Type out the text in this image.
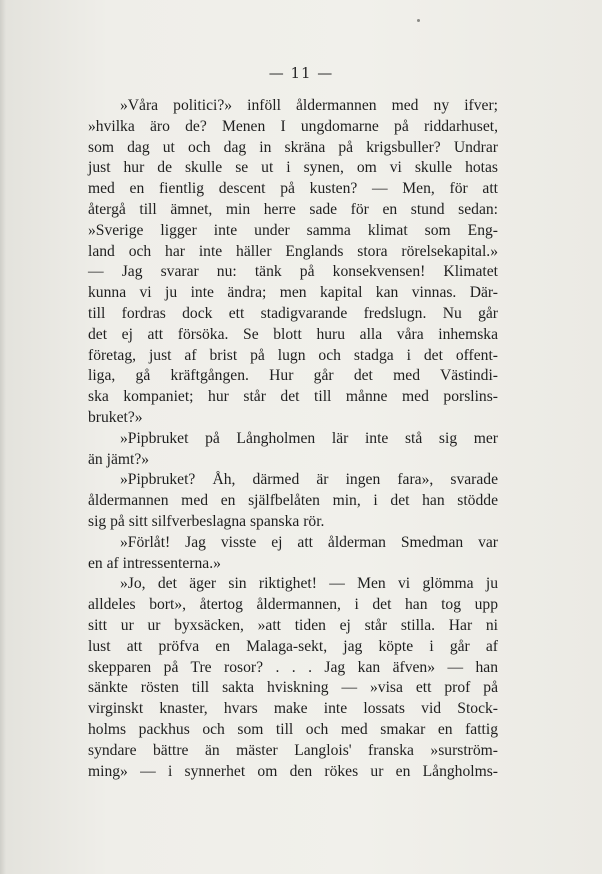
— 11 —
»Våra politici?» inföll åldermannen med ny ifver;
»hvilka äro de? Menen I ungdomarne på riddarhuset,
som dag ut och dag in skräna på krigsbuller? Undrar
just hur de skulle se ut i synen, om vi skulle hotas
med en fientlig descent på kusten? — Men, för att
återgå till ämnet, min herre sade för en stund sedan:
»Sverige ligger inte under samma klimat som Eng-
land och har inte häller Englands stora rörelsekapital.»
— Jag svarar nu: tänk på konsekvensen! Klimatet
kunna vi ju inte ändra; men kapital kan vinnas. Där-
till fordras dock ett stadigvarande fredslugn. Nu går
det ej att försöka. Se blott huru alla våra inhemska
företag, just af brist på lugn och stadga i det offent-
liga, gå kräftgången. Hur går det med Västindi-
ska kompaniet; hur står det till månne med porslins-
bruket?»
»Pipbruket på Långholmen lär inte stå sig mer
än jämt?»
»Pipbruket? Åh, därmed är ingen fara», svarade
åldermannen med en själfbelåten min, i det han stödde
sig på sitt silfverbeslagna spanska rör.
»Förlåt! Jag visste ej att ålderman Smedman var
en af intressenterna.»
»Jo, det äger sin riktighet! — Men vi glömma ju
alldeles bort», återtog åldermannen, i det han tog upp
sitt ur ur byxsäcken, »att tiden ej står stilla. Har ni
lust att pröfva en Malaga-sekt, jag köpte i går af
skepparen på Tre rosor? . . . Jag kan äfven» — han
sänkte rösten till sakta hviskning — »visa ett prof på
virginskt knaster, hvars make inte lossats vid Stock-
holms packhus och som till och med smakar en fattig
syndare bättre än mäster Langlois' franska »surström-
ming» — i synnerhet om den rökes ur en Långholms-
